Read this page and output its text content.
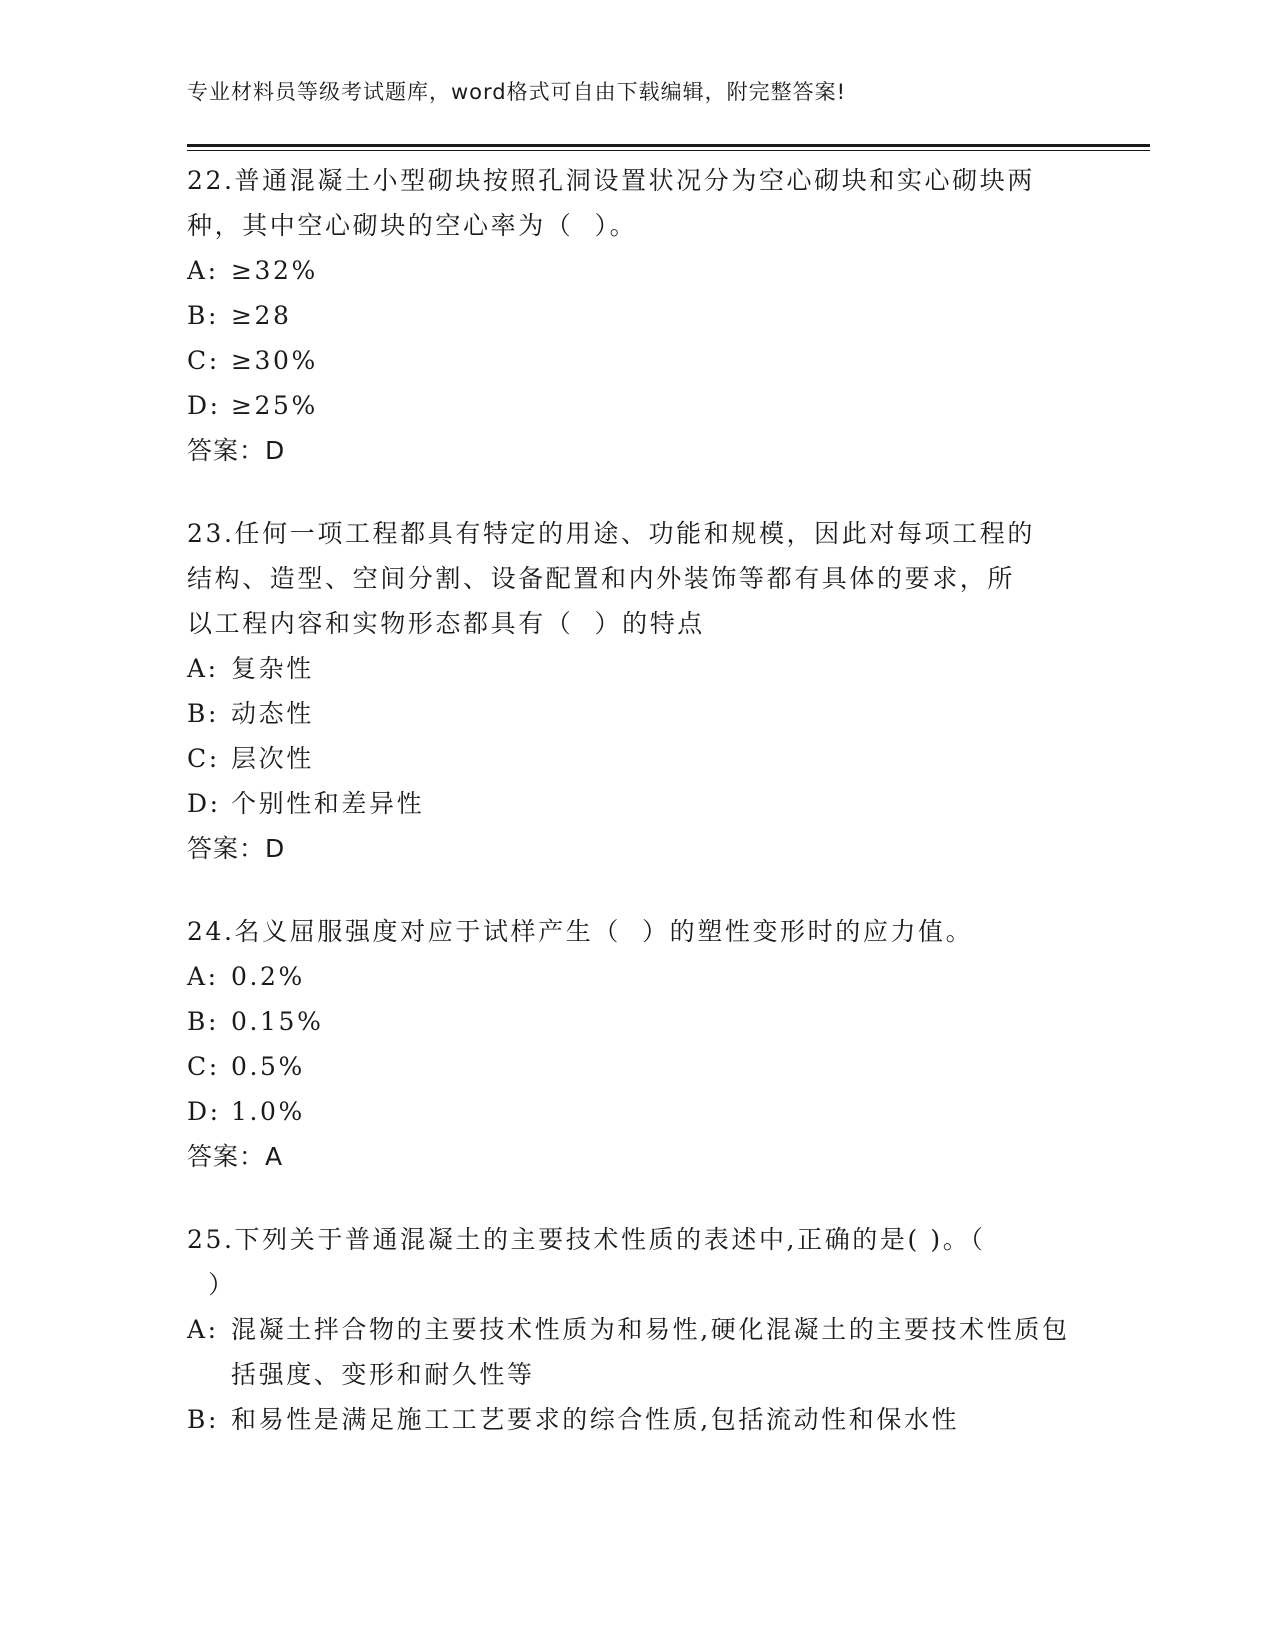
专业材料员等级考试题库，word格式可自由下载编辑，附完整答案!
22.普通混凝土小型砌块按照孔洞设置状况分为空心砌块和实心砌块两
种，其中空心砌块的空心率为（  ）。
A: ≥32%
B: ≥28
C: ≥30%
D: ≥25%
答案：D
23.任何一项工程都具有特定的用途、功能和规模，因此对每项工程的
结构、造型、空间分割、设备配置和内外装饰等都有具体的要求，所
以工程内容和实物形态都具有（  ）的特点
A: 复杂性
B: 动态性
C: 层次性
D: 个别性和差异性
答案：D
24.名义屈服强度对应于试样产生（  ）的塑性变形时的应力值。
A: 0.2%
B: 0.15%
C: 0.5%
D: 1.0%
答案：A
25.下列关于普通混凝土的主要技术性质的表述中,正确的是( )。（
）
A: 混凝土拌合物的主要技术性质为和易性,硬化混凝土的主要技术性质包括强度、变形和耐久性等
B: 和易性是满足施工工艺要求的综合性质,包括流动性和保水性
